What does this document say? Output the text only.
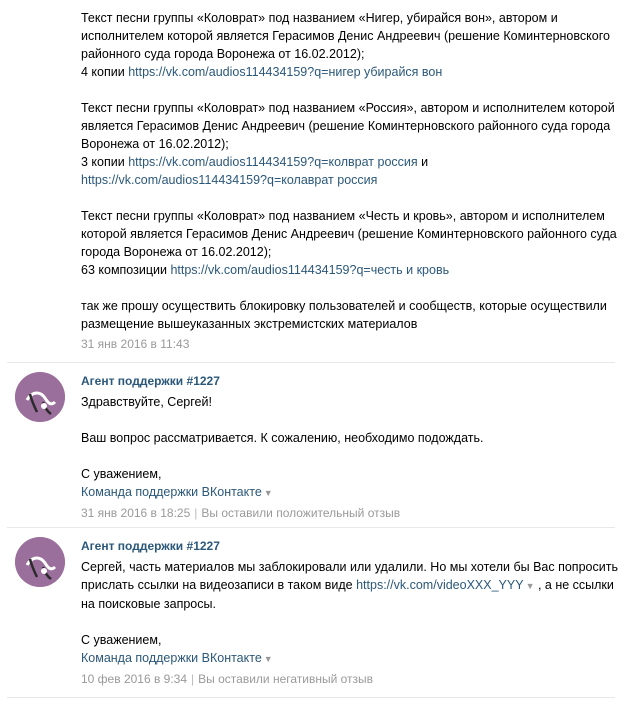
Текст песни группы «Коловрат» под названием «Нигер, убирайся вон», автором и

исполнителем которой является Герасимов Денис Андреевич (решение Коминтерновского

районного суда города Воронежа от 16.02.2012);

4 копии https://vk.com/audios114434159?q=нигер убирайся вон

Текст песни группы «Коловрат» под названием «Россия», автором и исполнителем которой

является Герасимов Денис Андреевич (решение Коминтерновского районного суда города

Воронежа от 16.02.2012);

3 копии https://vk.com/audios114434159?q=колврат россия и

https://vk.com/audios114434159?q=колаврат россия

Текст песни группы «Коловрат» под названием «Честь и кровь», автором и исполнителем

которой является Герасимов Денис Андреевич (решение Коминтерновского районного суда

города Воронежа от 16.02.2012);

63 композиции https://vk.com/audios114434159?q=честь и кровь

так же прошу осуществить блокировку пользователей и сообществ, которые осуществили

размещение вышеуказанных экстремистских материалов

31 янв 2016 в 11:43
Агент поддержки #1227

Здравствуйте, Сергей!

Ваш вопрос рассматривается. К сожалению, необходимо подождать.

С уважением,

Команда поддержки ВКонтакте ▼

31 янв 2016 в 18:25 | Вы оставили положительный отзыв
Агент поддержки #1227

Сергей, часть материалов мы заблокировали или удалили. Но мы хотели бы Вас попросить

прислать ссылки на видеозаписи в таком виде https://vk.com/videoXXX_YYY ▼ , а не ссылки

на поисковые запросы.

С уважением,

Команда поддержки ВКонтакте ▼

10 фев 2016 в 9:34 | Вы оставили негативный отзыв
